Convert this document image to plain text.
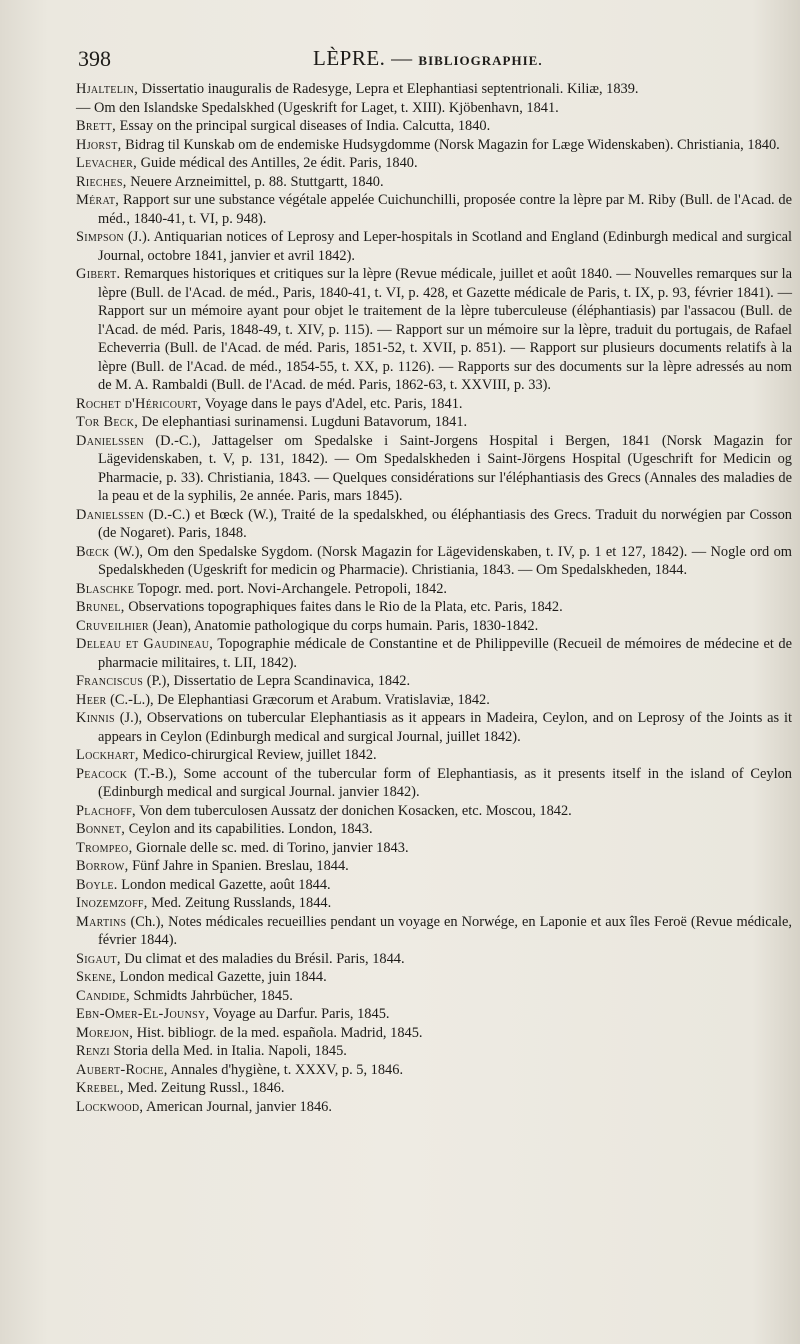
398	LÈPRE. — BIBLIOGRAPHIE.
Hjaltelin, Dissertatio inauguralis de Radesyge, Lepra et Elephantiasi septentrionali. Kiliæ, 1839.
— Om den Islandske Spedalskhed (Ugeskrift for Laget, t. XIII). Kjöbenhavn, 1841.
Brett, Essay on the principal surgical diseases of India. Calcutta, 1840.
Hjorst, Bidrag til Kunskab om de endemiske Hudsygdomme (Norsk Magazin for Læge Widenskaben). Christiania, 1840.
Levacher, Guide médical des Antilles, 2e édit. Paris, 1840.
Rieches, Neuere Arzneimittel, p. 88. Stuttgartt, 1840.
Mérat, Rapport sur une substance végétale appelée Cuichunchilli, proposée contre la lèpre par M. Riby (Bull. de l'Acad. de méd., 1840-41, t. VI, p. 948).
Simpson (J.). Antiquarian notices of Leprosy and Leper-hospitals in Scotland and England (Edinburgh medical and surgical Journal, octobre 1841, janvier et avril 1842).
Gibert. Remarques historiques et critiques sur la lèpre (Revue médicale, juillet et août 1840. — Nouvelles remarques sur la lèpre (Bull. de l'Acad. de méd., Paris, 1840-41, t. VI, p. 428, et Gazette médicale de Paris, t. IX, p. 93, février 1841). — Rapport sur un mémoire ayant pour objet le traitement de la lèpre tuberculeuse (éléphantiasis) par l'assacou (Bull. de l'Acad. de méd. Paris, 1848-49, t. XIV, p. 115). — Rapport sur un mémoire sur la lèpre, traduit du portugais, de Rafael Echeverria (Bull. de l'Acad. de méd. Paris, 1851-52, t. XVII, p. 851). — Rapport sur plusieurs documents relatifs à la lèpre (Bull. de l'Acad. de méd., 1854-55, t. XX, p. 1126). — Rapports sur des documents sur la lèpre adressés au nom de M. A. Rambaldi (Bull. de l'Acad. de méd. Paris, 1862-63, t. XXVIII, p. 33).
Rochet d'Héricourt, Voyage dans le pays d'Adel, etc. Paris, 1841.
Tor Beck, De elephantiasi surinamensi. Lugduni Batavorum, 1841.
Danielssen (D.-C.), Jattagelser om Spedalske i Saint-Jorgens Hospital i Bergen, 1841 (Norsk Magazin for Lägevidenskaben, t. V, p. 131, 1842). — Om Spedalskheden i Saint-Jörgens Hospital (Ugeschrift for Medicin og Pharmacie, p. 33). Christiania, 1843. — Quelques considérations sur l'éléphantiasis des Grecs (Annales des maladies de la peau et de la syphilis, 2e année. Paris, mars 1845).
Danielssen (D.-C.) et Bœck (W.), Traité de la spedalskhed, ou éléphantiasis des Grecs. Traduit du norwégien par Cosson (de Nogaret). Paris, 1848.
Bœck (W.), Om den Spedalske Sygdom. (Norsk Magazin for Lägevidenskaben, t. IV, p. 1 et 127, 1842). — Nogle ord om Spedalskheden (Ugeskrift for medicin og Pharmacie). Christiania, 1843. — Om Spedalskheden, 1844.
Blaschke Topogr. med. port. Novi-Archangele. Petropoli, 1842.
Brunel, Observations topographiques faites dans le Rio de la Plata, etc. Paris, 1842.
Cruveilhier (Jean), Anatomie pathologique du corps humain. Paris, 1830-1842.
Deleau et Gaudineau, Topographie médicale de Constantine et de Philippeville (Recueil de mémoires de médecine et de pharmacie militaires, t. LII, 1842).
Franciscus (P.), Dissertatio de Lepra Scandinavica, 1842.
Heer (C.-L.), De Elephantiasi Græcorum et Arabum. Vratislaviæ, 1842.
Kinnis (J.), Observations on tubercular Elephantiasis as it appears in Madeira, Ceylon, and on Leprosy of the Joints as it appears in Ceylon (Edinburgh medical and surgical Journal, juillet 1842).
Lockhart, Medico-chirurgical Review, juillet 1842.
Peacock (T.-B.), Some account of the tubercular form of Elephantiasis, as it presents itself in the island of Ceylon (Edinburgh medical and surgical Journal. janvier 1842).
Plachoff, Von dem tuberculosen Aussatz der donichen Kosacken, etc. Moscou, 1842.
Bonnet, Ceylon and its capabilities. London, 1843.
Trompeo, Giornale delle sc. med. di Torino, janvier 1843.
Borrow, Fünf Jahre in Spanien. Breslau, 1844.
Boyle. London medical Gazette, août 1844.
Inozemzoff, Med. Zeitung Russlands, 1844.
Martins (Ch.), Notes médicales recueillies pendant un voyage en Norwége, en Laponie et aux îles Feroë (Revue médicale, février 1844).
Sigaut, Du climat et des maladies du Brésil. Paris, 1844.
Skene, London medical Gazette, juin 1844.
Candide, Schmidts Jahrbücher, 1845.
Ebn-Omer-El-Jounsy, Voyage au Darfur. Paris, 1845.
Morejon, Hist. bibliogr. de la med. española. Madrid, 1845.
Renzi Storia della Med. in Italia. Napoli, 1845.
Aubert-Roche, Annales d'hygiène, t. XXXV, p. 5, 1846.
Krebel, Med. Zeitung Russl., 1846.
Lockwood, American Journal, janvier 1846.
